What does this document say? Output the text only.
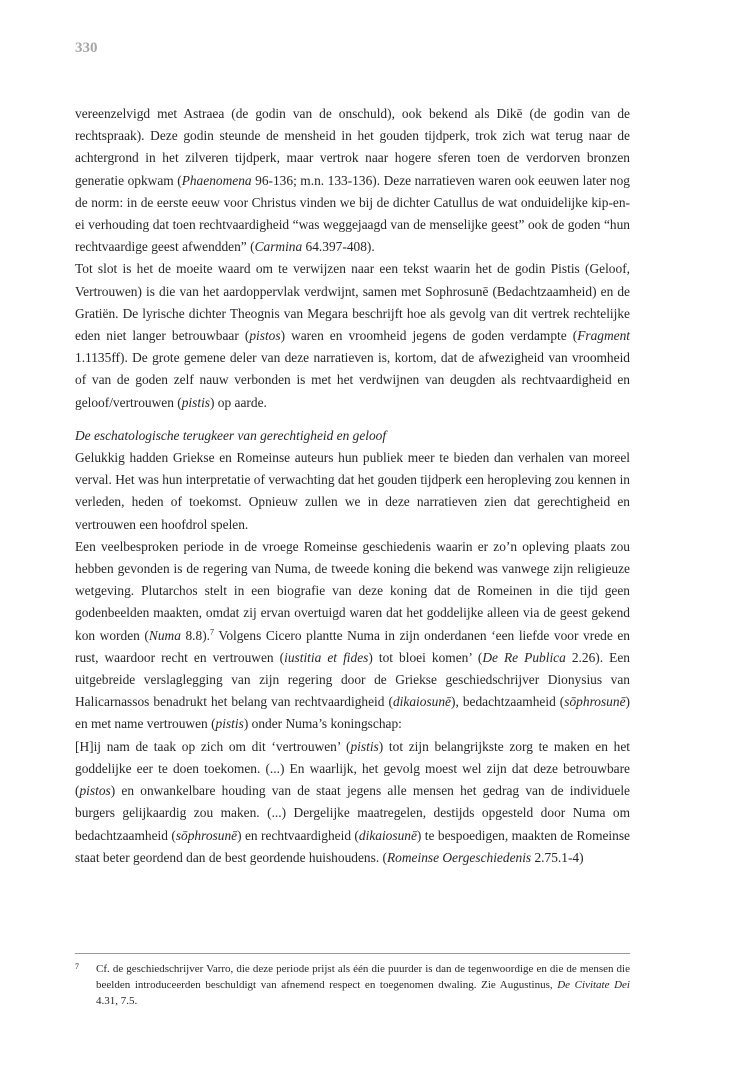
330

vereenzelvigd met Astraea (de godin van de onschuld), ook bekend als Dikē (de godin van de rechtspraak). Deze godin steunde de mensheid in het gouden tijdperk, trok zich wat terug naar de achtergrond in het zilveren tijdperk, maar vertrok naar hogere sferen toen de verdorven bronzen generatie opkwam (Phaenomena 96-136; m.n. 133-136). Deze narratieven waren ook eeuwen later nog de norm: in de eerste eeuw voor Christus vinden we bij de dichter Catullus de wat onduidelijke kip-en-ei verhouding dat toen rechtvaardigheid “was weggejaagd van de menselijke geest” ook de goden “hun rechtvaardige geest afwendden” (Carmina 64.397-408).

Tot slot is het de moeite waard om te verwijzen naar een tekst waarin het de godin Pistis (Geloof, Vertrouwen) is die van het aardoppervlak verdwijnt, samen met Sophrosunē (Bedachtzaamheid) en de Gratiën. De lyrische dichter Theognis van Megara beschrijft hoe als gevolg van dit vertrek rechtelijke eden niet langer betrouwbaar (pistos) waren en vroomheid jegens de goden verdampte (Fragment 1.1135ff). De grote gemene deler van deze narratieven is, kortom, dat de afwezigheid van vroomheid of van de goden zelf nauw verbonden is met het verdwijnen van deugden als rechtvaardigheid en geloof/vertrouwen (pistis) op aarde.

De eschatologische terugkeer van gerechtigheid en geloof

Gelukkig hadden Griekse en Romeinse auteurs hun publiek meer te bieden dan verhalen van moreel verval. Het was hun interpretatie of verwachting dat het gouden tijdperk een heropleving zou kennen in verleden, heden of toekomst. Opnieuw zullen we in deze narratieven zien dat gerechtigheid en vertrouwen een hoofdrol spelen.

Een veelbesproken periode in de vroege Romeinse geschiedenis waarin er zo’n opleving plaats zou hebben gevonden is de regering van Numa, de tweede koning die bekend was vanwege zijn religieuze wetgeving. Plutarchos stelt in een biografie van deze koning dat de Romeinen in die tijd geen godenbeelden maakten, omdat zij ervan overtuigd waren dat het goddelijke alleen via de geest gekend kon worden (Numa 8.8).$^7$ Volgens Cicero plantte Numa in zijn onderdanen ‘een liefde voor vrede en rust, waardoor recht en vertrouwen (iustitia et fides) tot bloei komen’ (De Re Publica 2.26). Een uitgebreide verslaglegging van zijn regering door de Griekse geschiedschrijver Dionysius van Halicarnassos benadrukt het belang van rechtvaardigheid (dikaiosunē), bedachtzaamheid (sōphrosunē) en met name vertrouwen (pistis) onder Numa’s koningschap:

[H]ij nam de taak op zich om dit ‘vertrouwen’ (pistis) tot zijn belangrijkste zorg te maken en het goddelijke eer te doen toekomen. (...) En waarlijk, het gevolg moest wel zijn dat deze betrouwbare (pistos) en onwankelbare houding van de staat jegens alle mensen het gedrag van de individuele burgers gelijkaardig zou maken. (...) Dergelijke maatregelen, destijds opgesteld door Numa om bedachtzaamheid (sōphrosunē) en rechtvaardigheid (dikaiosunē) te bespoedigen, maakten de Romeinse staat beter geordend dan de best geordende huishoudens. (Romeinse Oergeschiedenis 2.75.1-4)

7 Cf. de geschiedschrijver Varro, die deze periode prijst als één die puurder is dan de tegenwoordige en die de mensen die beelden introduceerden beschuldigt van afnemend respect en toegenomen dwaling. Zie Augustinus, De Civitate Dei 4.31, 7.5.
